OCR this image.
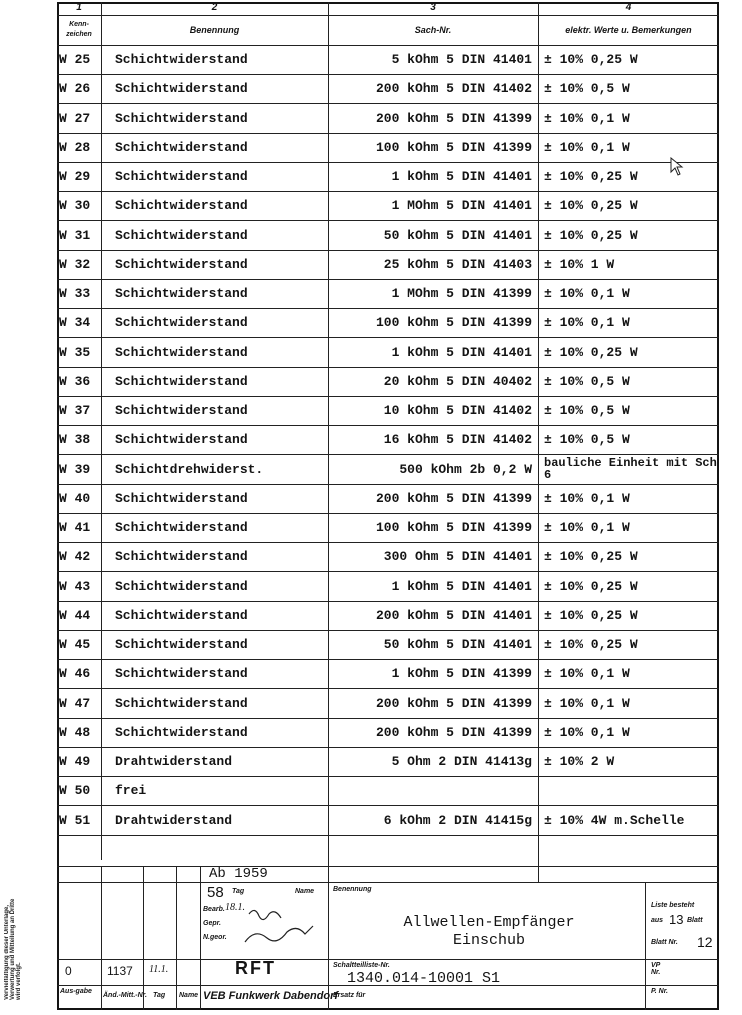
1	2	3	4
Kenn-zeichen	Benennung	Sach-Nr.	elektr. Werte u. Bemerkungen
W 25	Schichtwiderstand	5 kOhm 5 DIN 41401 ± 10% 0,25 W
W 26	Schichtwiderstand	200 kOhm 5 DIN 41402 ± 10% 0,5 W
W 27	Schichtwiderstand	200 kOhm 5 DIN 41399 ± 10% 0,1 W
W 28	Schichtwiderstand	100 kOhm 5 DIN 41399 ± 10% 0,1 W
W 29	Schichtwiderstand	1 kOhm 5 DIN 41401 ± 10% 0,25 W
W 30	Schichtwiderstand	1 MOhm 5 DIN 41401 ± 10% 0,25 W
W 31	Schichtwiderstand	50 kOhm 5 DIN 41401 ± 10% 0,25 W
W 32	Schichtwiderstand	25 kOhm 5 DIN 41403 ± 10% 1 W
W 33	Schichtwiderstand	1 MOhm 5 DIN 41399 ± 10% 0,1 W
W 34	Schichtwiderstand	100 kOhm 5 DIN 41399 ± 10% 0,1 W
W 35	Schichtwiderstand	1 kOhm 5 DIN 41401 ± 10% 0,25 W
W 36	Schichtwiderstand	20 kOhm 5 DIN 40402 ± 10% 0,5 W
W 37	Schichtwiderstand	10 kOhm 5 DIN 41402 ± 10% 0,5 W
W 38	Schichtwiderstand	16 kOhm 5 DIN 41402 ± 10% 0,5 W
W 39	Schichtdrehwiderst.	500 kOhm 2b 0,2 W	bauliche Einheit mit Sch 6
W 40	Schichtwiderstand	200 kOhm 5 DIN 41399 ± 10% 0,1 W
W 41	Schichtwiderstand	100 kOhm 5 DIN 41399 ± 10% 0,1 W
W 42	Schichtwiderstand	300 Ohm 5 DIN 41401 ± 10% 0,25 W
W 43	Schichtwiderstand	1 kOhm 5 DIN 41401 ± 10% 0,25 W
W 44	Schichtwiderstand	200 kOhm 5 DIN 41401 ± 10% 0,25 W
W 45	Schichtwiderstand	50 kOhm 5 DIN 41401 ± 10% 0,25 W
W 46	Schichtwiderstand	1 kOhm 5 DIN 41399 ± 10% 0,1 W
W 47	Schichtwiderstand	200 kOhm 5 DIN 41399 ± 10% 0,1 W
W 48	Schichtwiderstand	200 kOhm 5 DIN 41399 ± 10% 0,1 W
W 49	Drahtwiderstand	5 Ohm 2 DIN 41413g ± 10% 2 W
W 50	frei
W 51	Drahtwiderstand	6 kOhm 2 DIN 41415g ± 10% 4W m.Schelle
Ab 1959
58 Tag	Name
Bearb. 18.1.
Gepr.
N.geor.
0	1137 11.1.
Aus-gabe
Änd.-Mitt.-Nr. Tag Name
RFT
VEB Funkwerk Dabendorf
Benennung
Allwellen-Empfänger
Einschub
Schaltteilliste-Nr.
1340.014-10001 S1
Ersatz für
Liste besteht
aus 13 Blatt
Blatt Nr. 12
VP Nr.
P. Nr.
Vervielfältigung dieser Unterlage, Verwertung und Mitteilung an Dritte wird verfolgt.
